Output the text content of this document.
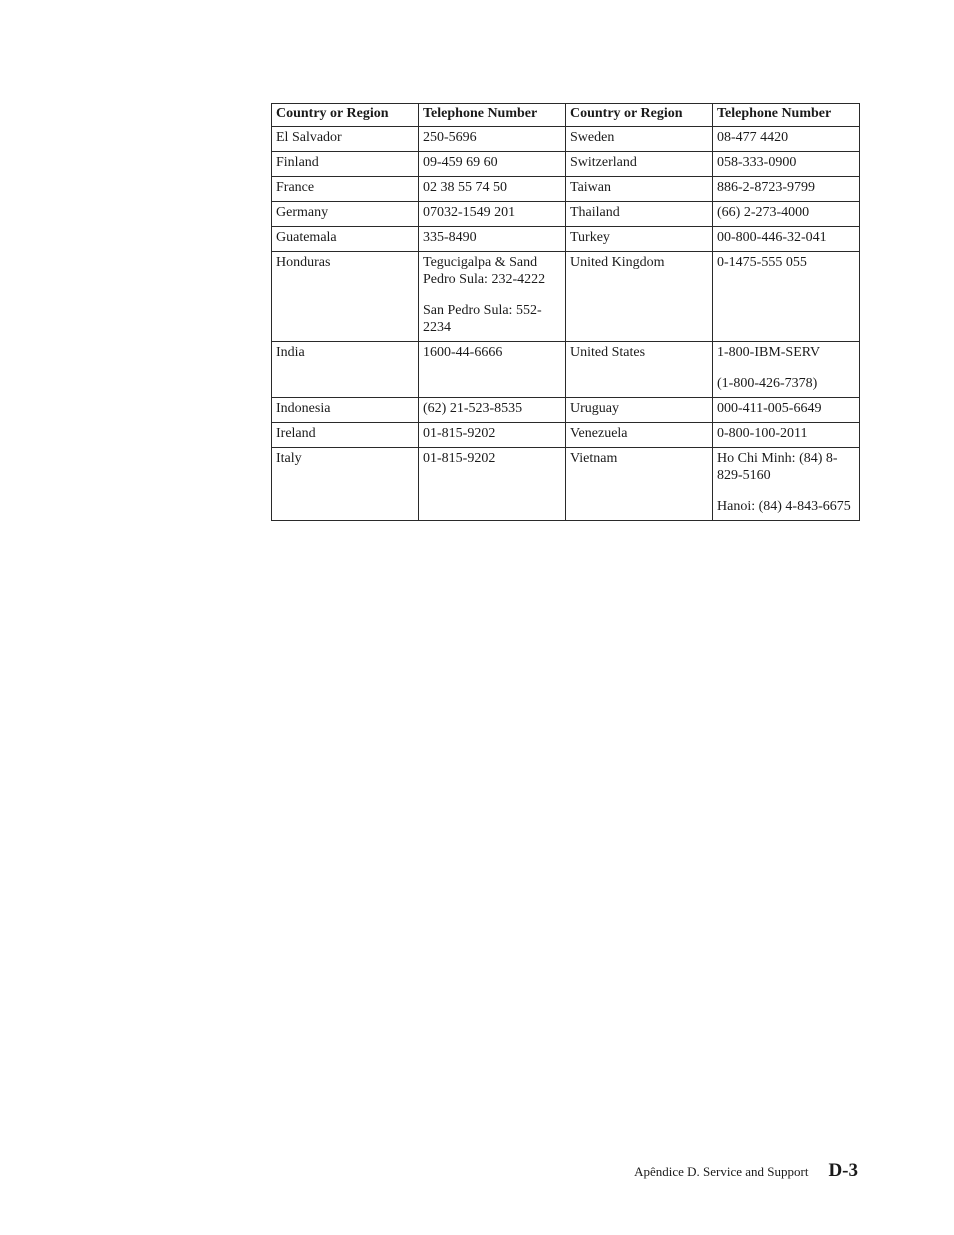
Country or Region	Telephone Number	Country or Region	Telephone Number

El Salvador	250-5696	Sweden	08-477 4420

Finland	09-459 69 60	Switzerland	058-333-0900

France	02 38 55 74 50	Taiwan	886-2-8723-9799

Germany	07032-1549 201	Thailand	(66) 2-273-4000

Guatemala	335-8490	Turkey	00-800-446-32-041

Honduras	Tegucigalpa & Sand Pedro Sula: 232-4222
San Pedro Sula: 552-2234	United Kingdom	0-1475-555 055

India	1600-44-6666	United States	1-800-IBM-SERV
(1-800-426-7378)

Indonesia	(62) 21-523-8535	Uruguay	000-411-005-6649

Ireland	01-815-9202	Venezuela	0-800-100-2011

Italy	01-815-9202	Vietnam	Ho Chi Minh: (84) 8-829-5160
Hanoi: (84) 4-843-6675
Apêndice D. Service and Support D-3
